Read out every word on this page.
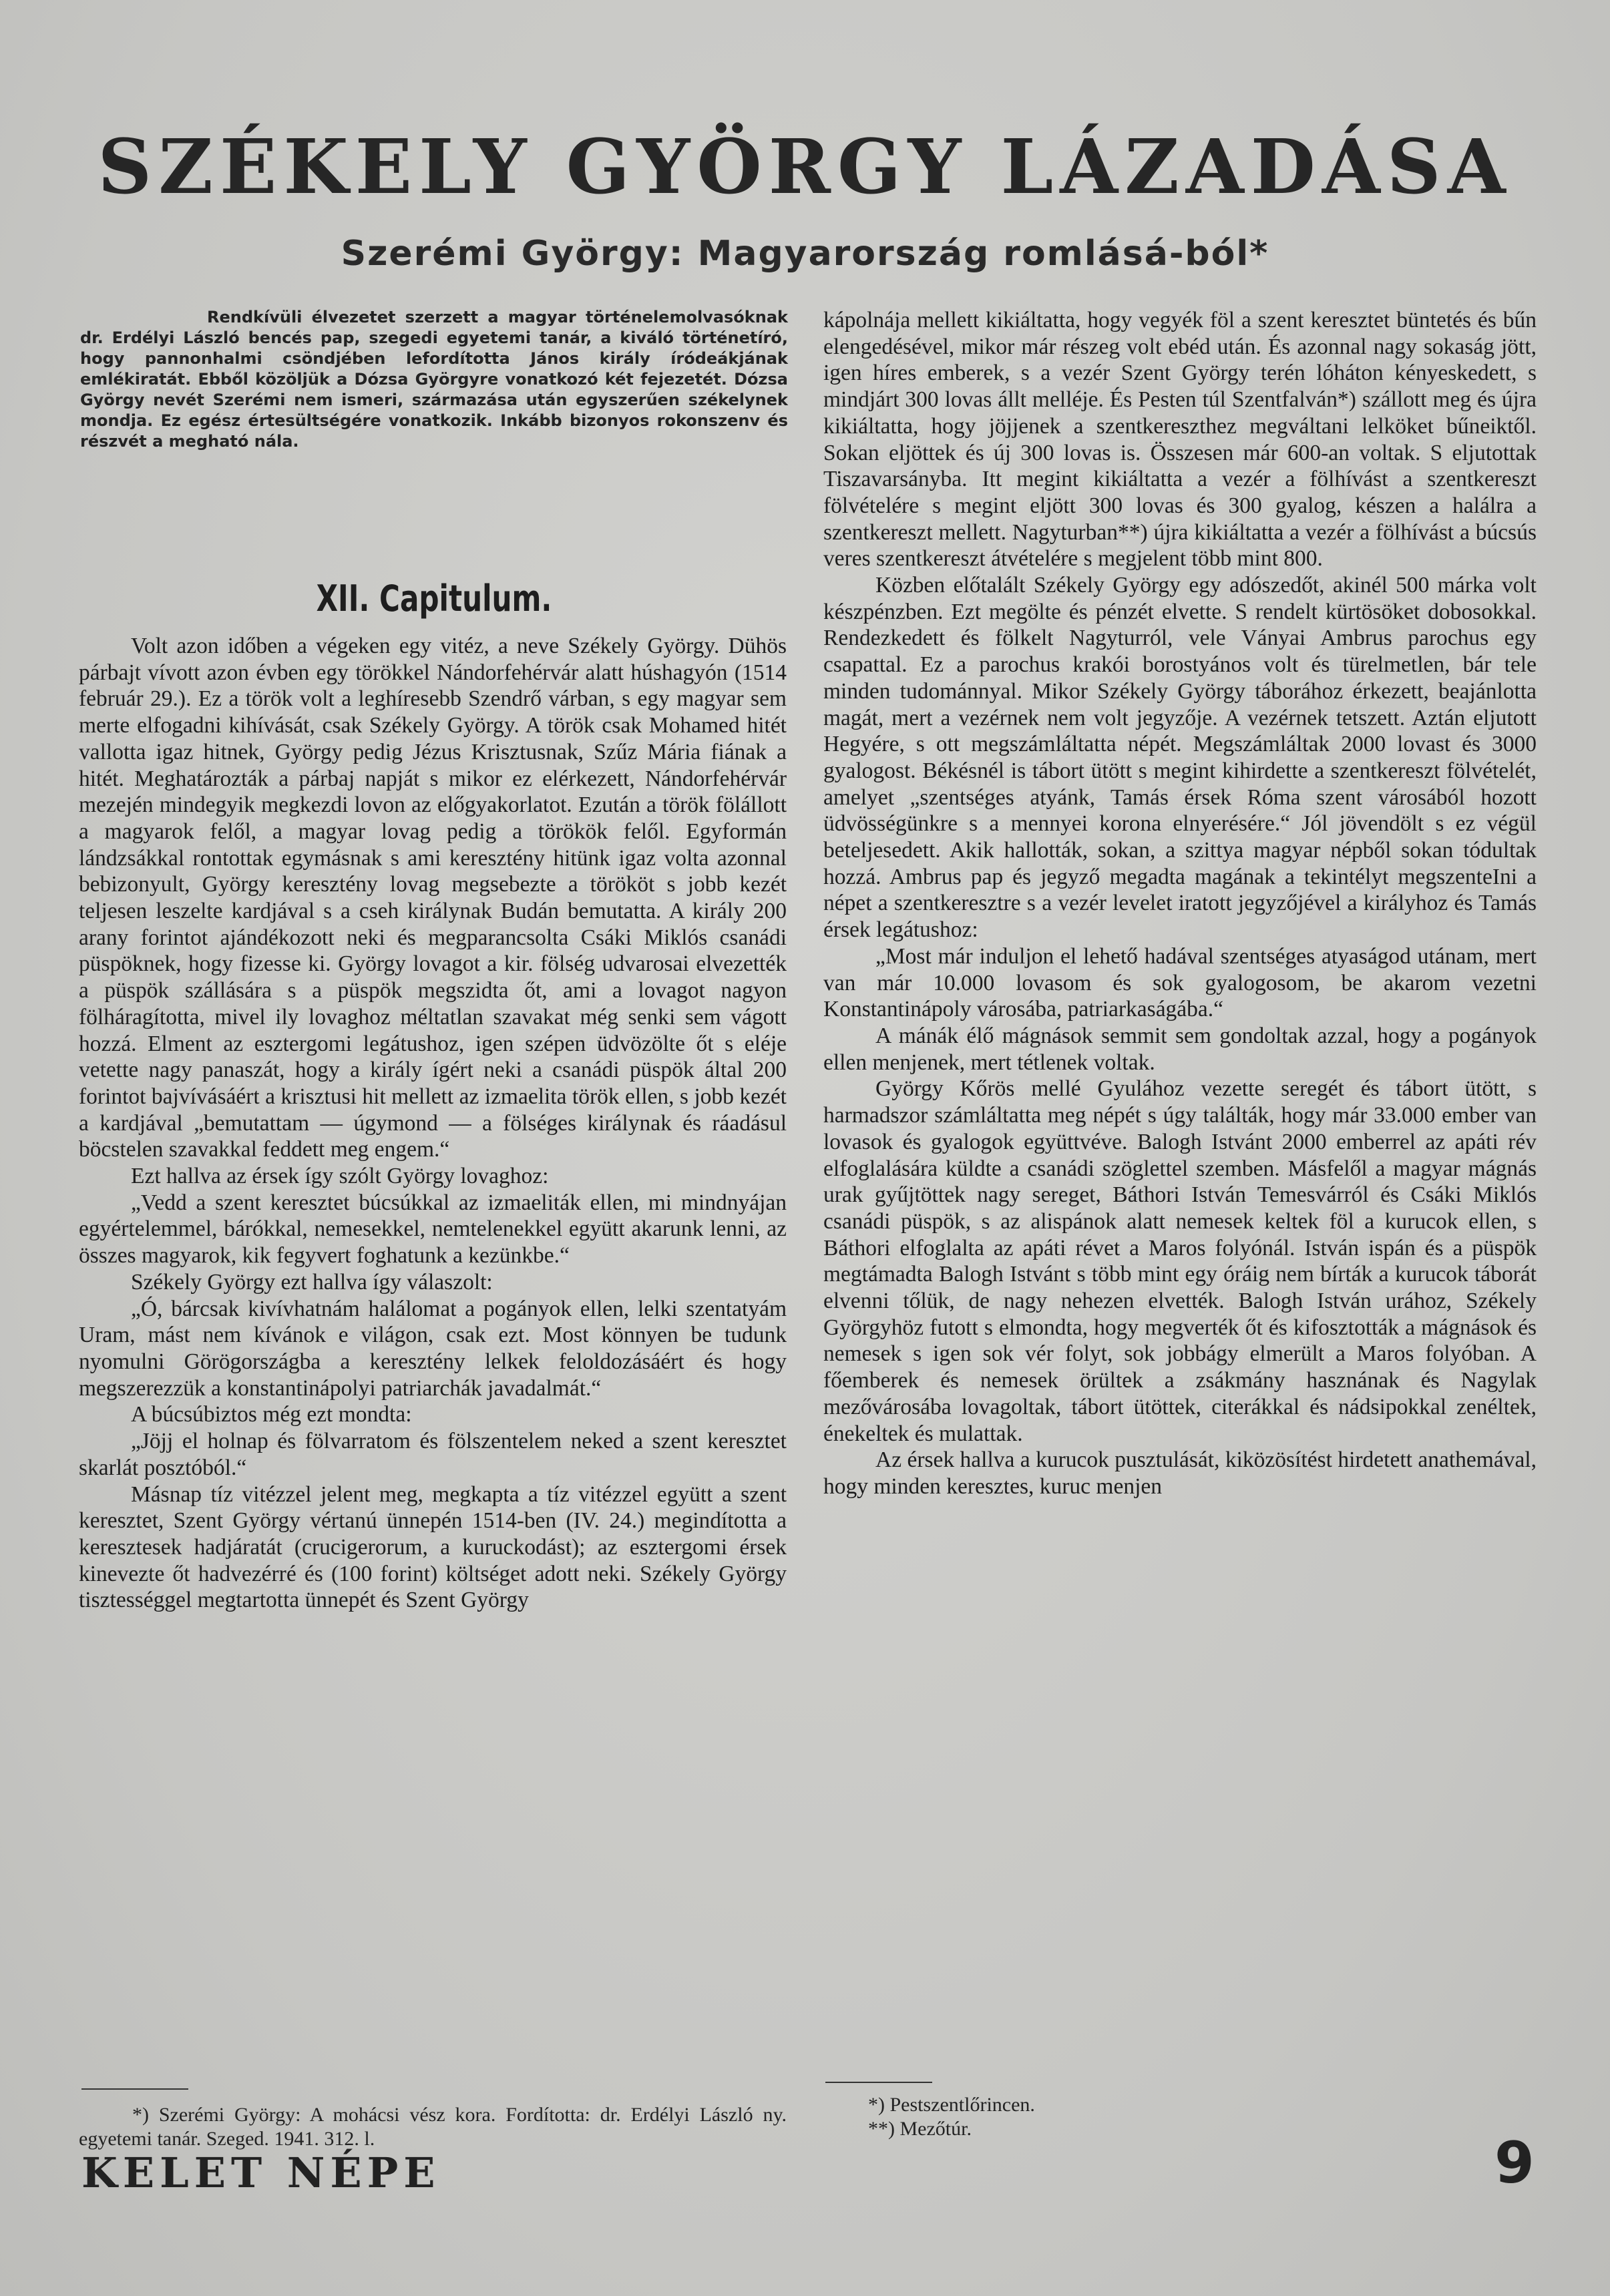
SZÉKELY GYÖRGY LÁZADÁSA
Szerémi György: Magyarország romlásá-ból*

Rendkívüli élvezetet szerzett a magyar történelemolvasóknak dr. Erdélyi László bencés pap, szegedi egyetemi tanár, a kiváló történetíró, hogy pannonhalmi csöndjében lefordította János király íródeákjának emlékiratát. Ebből közöljük a Dózsa Györgyre vonatkozó két fejezetét. Dózsa György nevét Szerémi nem ismeri, származása után egyszerűen székelynek mondja. Ez egész értesültségére vonatkozik. Inkább bizonyos rokonszenv és részvét a megható nála.

XII. Capitulum.

Volt azon időben a végeken egy vitéz, a neve Székely György. Dühös párbajt vívott azon évben egy törökkel Nándorfehérvár alatt húshagyón (1514 február 29.). Ez a török volt a leghíresebb Szendrő várban, s egy magyar sem merte elfogadni kihívását, csak Székely György. A török csak Mohamed hitét vallotta igaz hitnek, György pedig Jézus Krisztusnak, Szűz Mária fiának a hitét. Meghatározták a párbaj napját s mikor ez elérkezett, Nándorfehérvár mezején mindegyik megkezdi lovon az előgyakorlatot. Ezután a török fölállott a magyarok felől, a magyar lovag pedig a törökök felől. Egyformán lándzsákkal rontottak egymásnak s ami keresztény hitünk igaz volta azonnal bebizonyult, György keresztény lovag megsebezte a törököt s jobb kezét teljesen leszelte kardjával s a cseh királynak Budán bemutatta. A király 200 arany forintot ajándékozott neki és megparancsolta Csáki Miklós csanádi püspöknek, hogy fizesse ki. György lovagot a kir. fölség udvarosai elvezették a püspök szállására s a püspök megszidta őt, ami a lovagot nagyon fölháragította, mivel ily lovaghoz méltatlan szavakat még senki sem vágott hozzá. Elment az esztergomi legátushoz, igen szépen üdvözölte őt s eléje vetette nagy panaszát, hogy a király ígért neki a csanádi püspök által 200 forintot bajvívásáért a krisztusi hit mellett az izmaelita török ellen, s jobb kezét a kardjával „bemutattam — úgymond — a fölséges királynak és ráadásul böcstelen szavakkal feddett meg engem.“

Ezt hallva az érsek így szólt György lovaghoz:

„Vedd a szent keresztet búcsúkkal az izmaeliták ellen, mi mindnyájan egyértelemmel, bárókkal, nemesekkel, nemtelenekkel együtt akarunk lenni, az összes magyarok, kik fegyvert foghatunk a kezünkbe.“

Székely György ezt hallva így válaszolt:

„Ó, bárcsak kivívhatnám halálomat a pogányok ellen, lelki szentatyám Uram, mást nem kívánok e világon, csak ezt. Most könnyen be tudunk nyomulni Görögországba a keresztény lelkek feloldozásáért és hogy megszerezzük a konstantinápolyi patriarchák javadalmát.“

A búcsúbiztos még ezt mondta:

„Jöjj el holnap és fölvarratom és fölszentelem neked a szent keresztet skarlát posztóból.“

Másnap tíz vitézzel jelent meg, megkapta a tíz vitézzel együtt a szent keresztet, Szent György vértanú ünnepén 1514-ben (IV. 24.) megindította a keresztesek hadjáratát (crucigerorum, a kuruckodást); az esztergomi érsek kinevezte őt hadvezérré és (100 forint) költséget adott neki. Székely György tisztességgel megtartotta ünnepét és Szent György

kápolnája mellett kikiáltatta, hogy vegyék föl a szent keresztet büntetés és bűn elengedésével, mikor már részeg volt ebéd után. És azonnal nagy sokaság jött, igen híres emberek, s a vezér Szent György terén lóháton kényeskedett, s mindjárt 300 lovas állt melléje. És Pesten túl Szentfalván*) szállott meg és újra kikiáltatta, hogy jöjjenek a szentkereszthez megváltani lelköket bűneiktől. Sokan eljöttek és új 300 lovas is. Összesen már 600-an voltak. S eljutottak Tiszavarsányba. Itt megint kikiáltatta a vezér a fölhívást a szentkereszt fölvételére s megint eljött 300 lovas és 300 gyalog, készen a halálra a szentkereszt mellett. Nagyturban**) újra kikiáltatta a vezér a fölhívást a búcsús veres szentkereszt átvételére s megjelent több mint 800.

Közben előtalált Székely György egy adószedőt, akinél 500 márka volt készpénzben. Ezt megölte és pénzét elvette. S rendelt kürtösöket dobosokkal. Rendezkedett és fölkelt Nagyturról, vele Ványai Ambrus parochus egy csapattal. Ez a parochus krakói borostyános volt és türelmetlen, bár tele minden tudománnyal. Mikor Székely György táborához érkezett, beajánlotta magát, mert a vezérnek nem volt jegyzője. A vezérnek tetszett. Aztán eljutott Hegyére, s ott megszámláltatta népét. Megszámláltak 2000 lovast és 3000 gyalogost. Békésnél is tábort ütött s megint kihirdette a szentkereszt fölvételét, amelyet „szentséges atyánk, Tamás érsek Róma szent városából hozott üdvösségünkre s a mennyei korona elnyerésére.“ Jól jövendölt s ez végül beteljesedett. Akik hallották, sokan, a szittya magyar népből sokan tódultak hozzá. Ambrus pap és jegyző megadta magának a tekintélyt megszenteIni a népet a szentkeresztre s a vezér levelet iratott jegyzőjével a királyhoz és Tamás érsek legátushoz:

„Most már induljon el lehető hadával szentséges atyaságod utánam, mert van már 10.000 lovasom és sok gyalogosom, be akarom vezetni Konstantinápoly városába, patriarkaságába.“

A mánák élő mágnások semmit sem gondoltak azzal, hogy a pogányok ellen menjenek, mert tétlenek voltak.

György Kőrös mellé Gyulához vezette seregét és tábort ütött, s harmadszor számláltatta meg népét s úgy találták, hogy már 33.000 ember van lovasok és gyalogok együttvéve. Balogh Istvánt 2000 emberrel az apáti rév elfoglalására küldte a csanádi szöglettel szemben. Másfelől a magyar mágnás urak gyűjtöttek nagy sereget, Báthori István Temesvárról és Csáki Miklós csanádi püspök, s az alispánok alatt nemesek keltek föl a kurucok ellen, s Báthori elfoglalta az apáti révet a Maros folyónál. István ispán és a püspök megtámadta Balogh Istvánt s több mint egy óráig nem bírták a kurucok táborát elvenni tőlük, de nagy nehezen elvették. Balogh István urához, Székely Györgyhöz futott s elmondta, hogy megverték őt és kifosztották a mágnások és nemesek s igen sok vér folyt, sok jobbágy elmerült a Maros folyóban. A főemberek és nemesek örültek a zsákmány hasznának és Nagylak mezővárosába lovagoltak, tábort ütöttek, citerákkal és nádsipokkal zenéltek, énekeltek és mulattak.

Az érsek hallva a kurucok pusztulását, kiközösítést hirdetett anathemával, hogy minden keresztes, kuruc menjen

*) Szerémi György: A mohácsi vész kora. Fordította: dr. Erdélyi László ny. egyetemi tanár. Szeged. 1941. 312. l.

*) Pestszentlőrincen.

**) Mezőtúr.

KELET NÉPE	9
